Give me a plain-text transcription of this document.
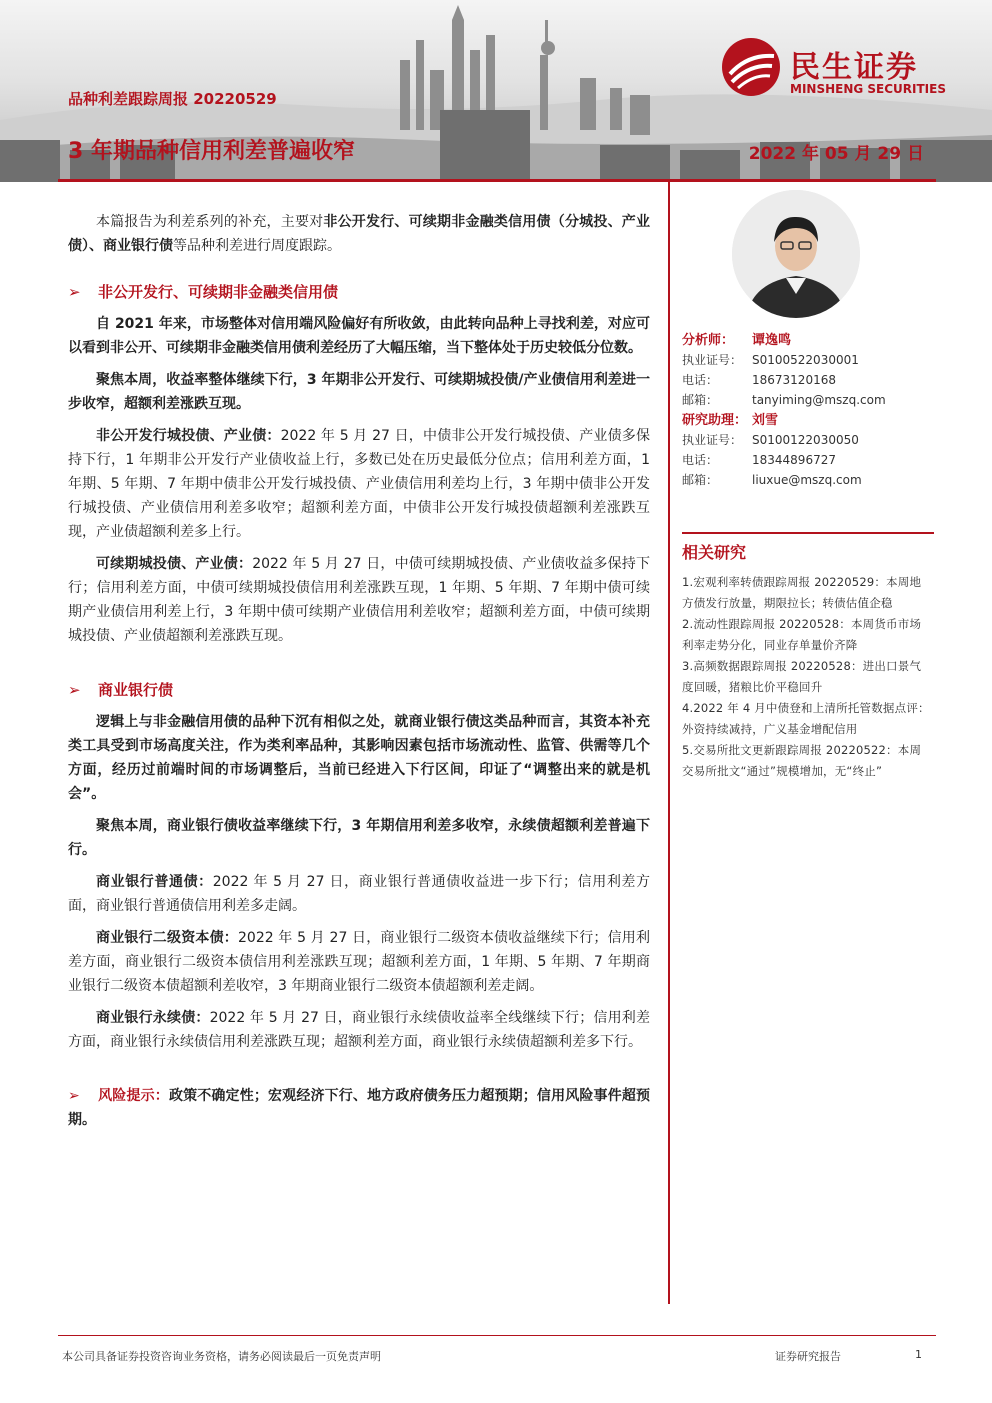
品种利差跟踪周报 20220529
3 年期品种信用利差普遍收窄	2022 年 05 月 29 日
民生证券
MINSHENG SECURITIES

本篇报告为利差系列的补充，主要对非公开发行、可续期非金融类信用债（分城投、产业债）、商业银行债等品种利差进行周度跟踪。

➢ 非公开发行、可续期非金融类信用债

自 2021 年来，市场整体对信用端风险偏好有所收敛，由此转向品种上寻找利差，对应可以看到非公开、可续期非金融类信用债利差经历了大幅压缩，当下整体处于历史较低分位数。

聚焦本周，收益率整体继续下行，3 年期非公开发行、可续期城投债/产业债信用利差进一步收窄，超额利差涨跌互现。

非公开发行城投债、产业债：2022 年 5 月 27 日，中债非公开发行城投债、产业债多保持下行，1 年期非公开发行产业债收益上行，多数已处在历史最低分位点；信用利差方面，1 年期、5 年期、7 年期中债非公开发行城投债、产业债信用利差均上行，3 年期中债非公开发行城投债、产业债信用利差多收窄；超额利差方面，中债非公开发行城投债超额利差涨跌互现，产业债超额利差多上行。

可续期城投债、产业债：2022 年 5 月 27 日，中债可续期城投债、产业债收益多保持下行；信用利差方面，中债可续期城投债信用利差涨跌互现，1 年期、5 年期、7 年期中债可续期产业债信用利差上行，3 年期中债可续期产业债信用利差收窄；超额利差方面，中债可续期城投债、产业债超额利差涨跌互现。

➢ 商业银行债

逻辑上与非金融信用债的品种下沉有相似之处，就商业银行债这类品种而言，其资本补充类工具受到市场高度关注，作为类利率品种，其影响因素包括市场流动性、监管、供需等几个方面，经历过前端时间的市场调整后，当前已经进入下行区间，印证了“调整出来的就是机会”。

聚焦本周，商业银行债收益率继续下行，3 年期信用利差多收窄，永续债超额利差普遍下行。

商业银行普通债：2022 年 5 月 27 日，商业银行普通债收益进一步下行；信用利差方面，商业银行普通债信用利差多走阔。

商业银行二级资本债：2022 年 5 月 27 日，商业银行二级资本债收益继续下行；信用利差方面，商业银行二级资本债信用利差涨跌互现；超额利差方面，1 年期、5 年期、7 年期商业银行二级资本债超额利差收窄，3 年期商业银行二级资本债超额利差走阔。

商业银行永续债：2022 年 5 月 27 日，商业银行永续债收益率全线继续下行；信用利差方面，商业银行永续债信用利差涨跌互现；超额利差方面，商业银行永续债超额利差多下行。

➢ 风险提示：政策不确定性；宏观经济下行、地方政府债务压力超预期；信用风险事件超预期。

分析师： 谭逸鸣
执业证号： S0100522030001
电话：	18673120168
邮箱：	tanyiming@mszq.com
研究助理： 刘雪
执业证号： S0100122030050
电话：	18344896727
邮箱：	liuxue@mszq.com
相关研究
1.宏观利率转债跟踪周报 20220529：本周地方债发行放量，期限拉长；转债估值企稳
2.流动性跟踪周报 20220528：本周货币市场利率走势分化，同业存单量价齐降
3.高频数据跟踪周报 20220528：进出口景气度回暖，猪粮比价平稳回升
4.2022 年 4 月中债登和上清所托管数据点评：外资持续减持，广义基金增配信用
5.交易所批文更新跟踪周报 20220522：本周交易所批文“通过”规模增加，无“终止”
本公司具备证券投资咨询业务资格，请务必阅读最后一页免责声明	证券研究报告	1
